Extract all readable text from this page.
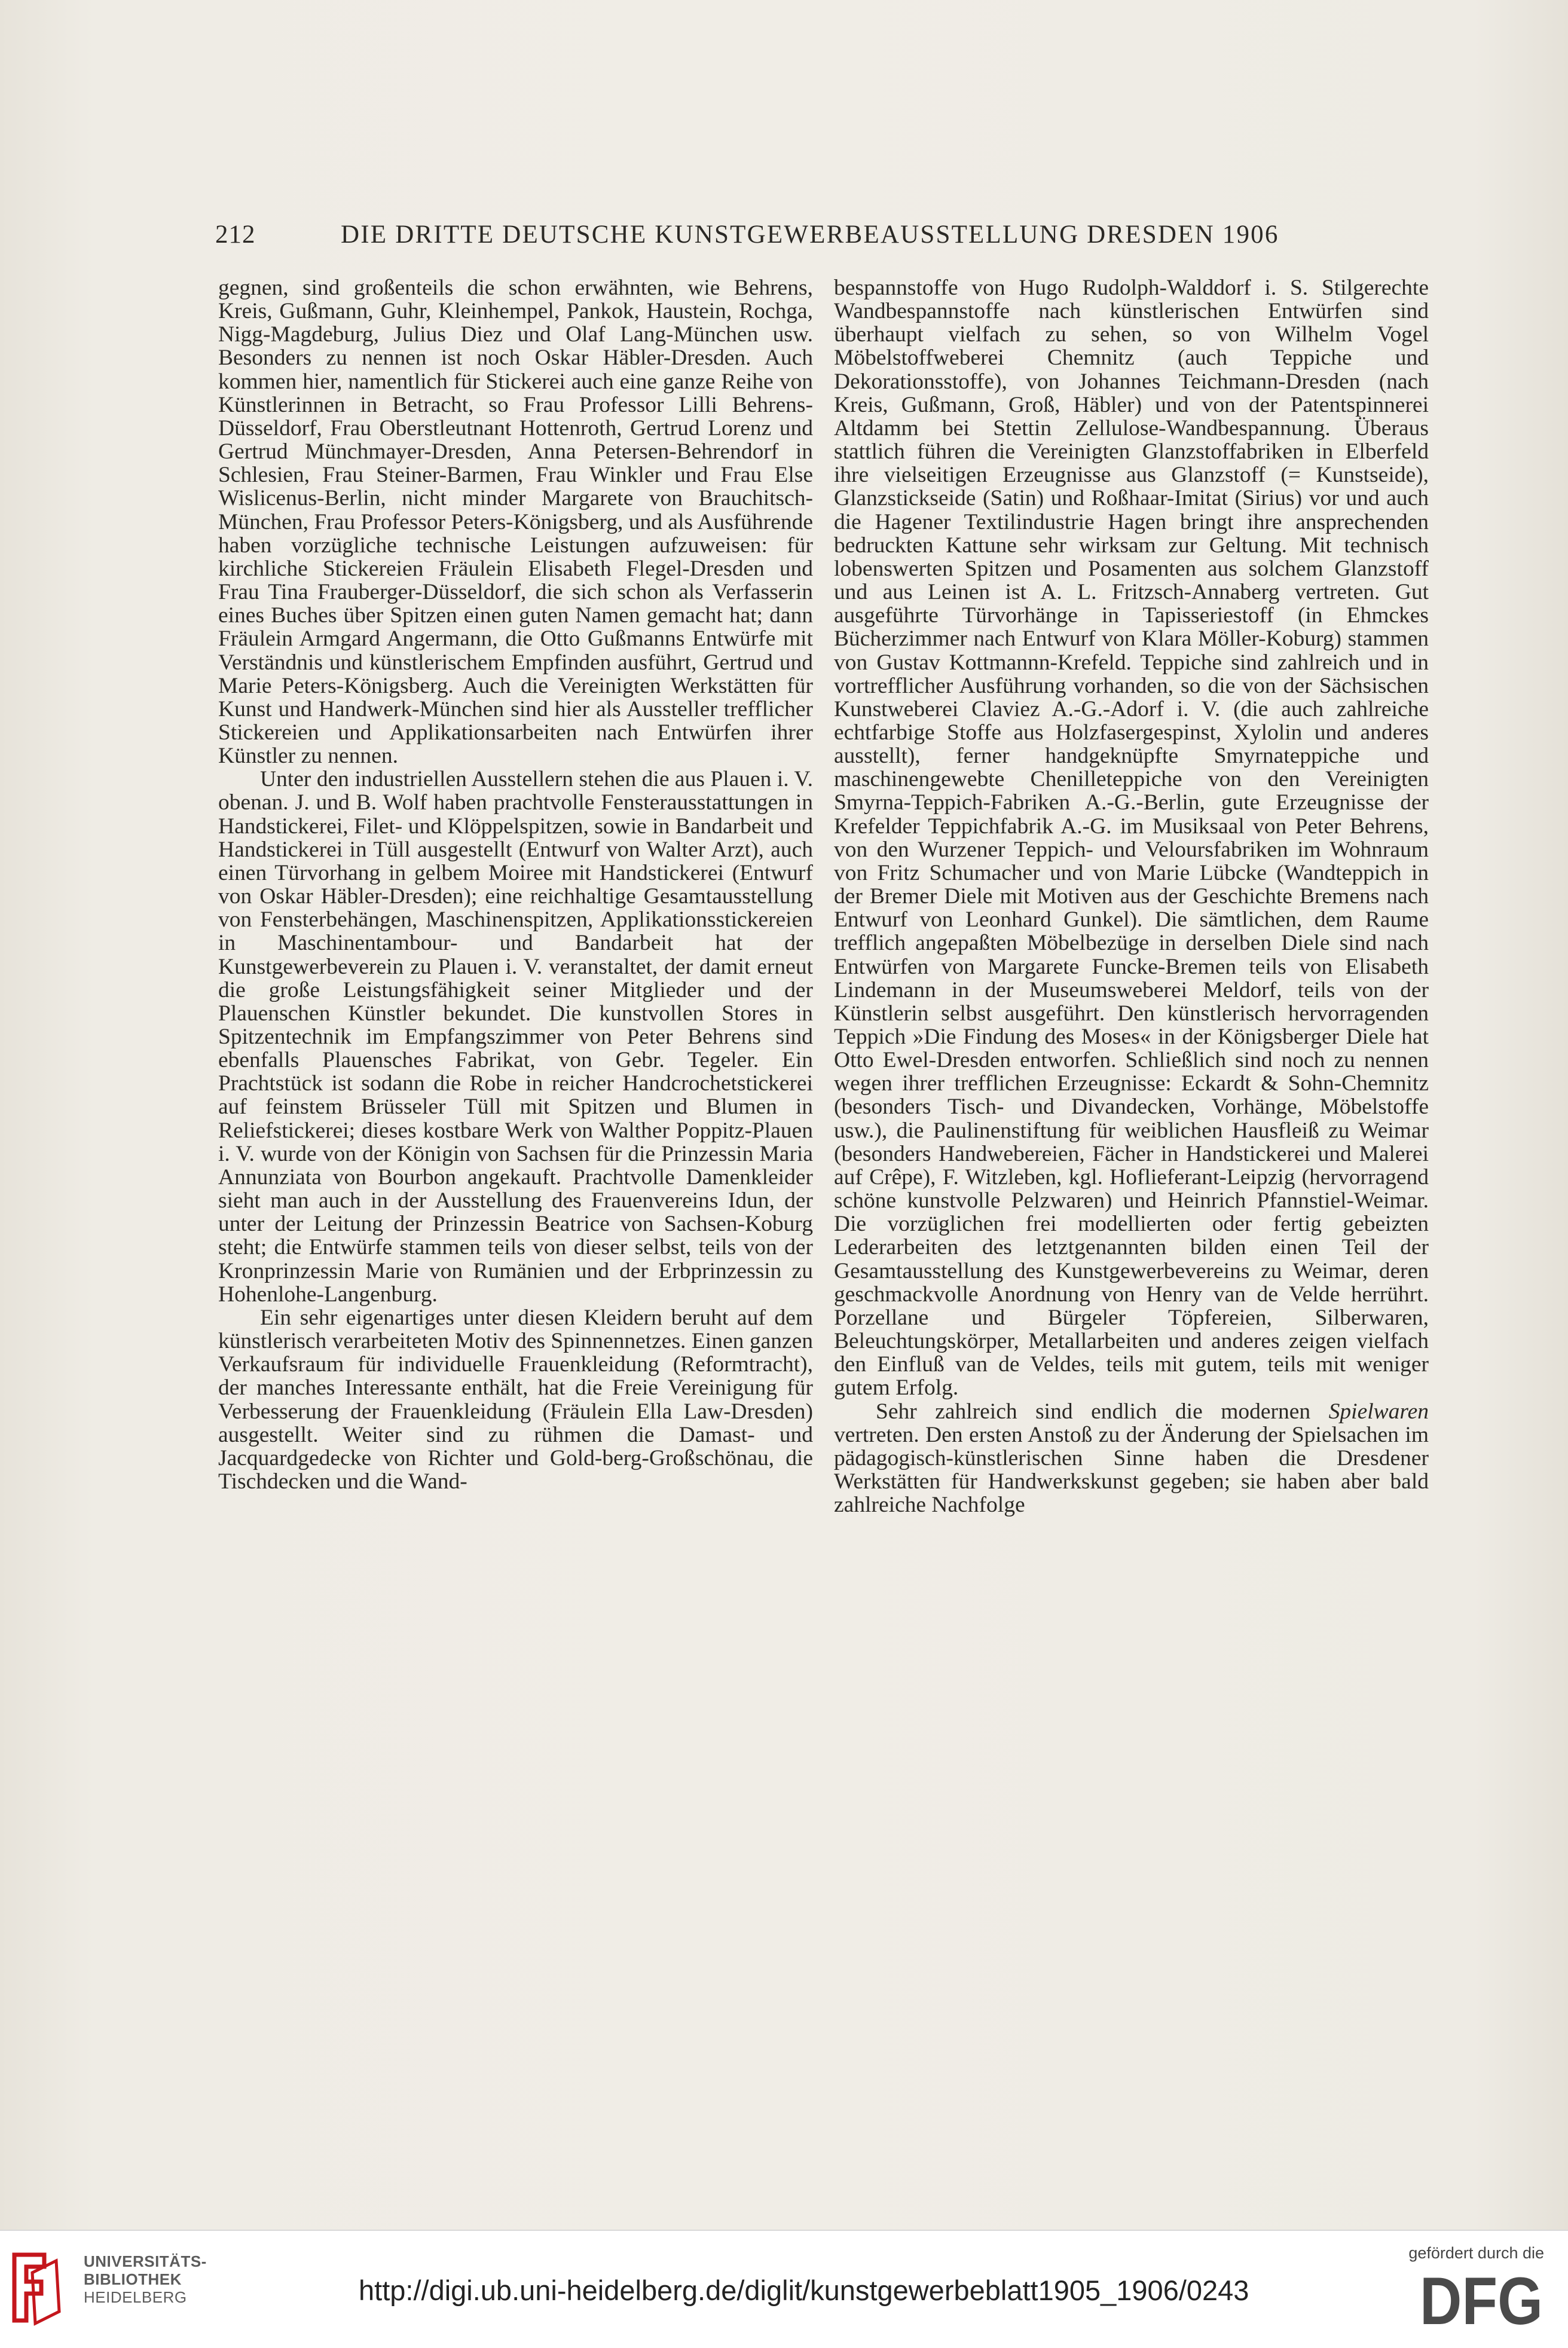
212	DIE DRITTE DEUTSCHE KUNSTGEWERBEAUSSTELLUNG DRESDEN 1906

gegnen, sind großenteils die schon erwähnten, wie Behrens, Kreis, Gußmann, Guhr, Kleinhempel, Pankok, Haustein, Rochga, Nigg-Magdeburg, Julius Diez und Olaf Lang-München usw. Besonders zu nennen ist noch Oskar Häbler-Dresden. Auch kommen hier, namentlich für Stickerei auch eine ganze Reihe von Künstlerinnen in Betracht, so Frau Professor Lilli Behrens-Düsseldorf, Frau Oberstleutnant Hottenroth, Gertrud Lorenz und Gertrud Münchmayer-Dresden, Anna Petersen-Behrendorf in Schlesien, Frau Steiner-Barmen, Frau Winkler und Frau Else Wislicenus-Berlin, nicht minder Margarete von Brauchitsch-München, Frau Professor Peters-Königsberg, und als Ausführende haben vorzügliche technische Leistungen aufzuweisen: für kirchliche Stickereien Fräulein Elisabeth Flegel-Dresden und Frau Tina Frauberger-Düsseldorf, die sich schon als Verfasserin eines Buches über Spitzen einen guten Namen gemacht hat; dann Fräulein Armgard Angermann, die Otto Gußmanns Entwürfe mit Verständnis und künstlerischem Empfinden ausführt, Gertrud und Marie Peters-Königsberg. Auch die Vereinigten Werkstätten für Kunst und Handwerk-München sind hier als Aussteller trefflicher Stickereien und Applikationsarbeiten nach Entwürfen ihrer Künstler zu nennen.

Unter den industriellen Ausstellern stehen die aus Plauen i. V. obenan. J. und B. Wolf haben prachtvolle Fensterausstattungen in Handstickerei, Filet- und Klöppelspitzen, sowie in Bandarbeit und Handstickerei in Tüll ausgestellt (Entwurf von Walter Arzt), auch einen Türvorhang in gelbem Moiree mit Handstickerei (Entwurf von Oskar Häbler-Dresden); eine reichhaltige Gesamtausstellung von Fensterbehängen, Maschinenspitzen, Applikationsstickereien in Maschinentambour- und Bandarbeit hat der Kunstgewerbeverein zu Plauen i. V. veranstaltet, der damit erneut die große Leistungsfähigkeit seiner Mitglieder und der Plauenschen Künstler bekundet. Die kunstvollen Stores in Spitzentechnik im Empfangszimmer von Peter Behrens sind ebenfalls Plauensches Fabrikat, von Gebr. Tegeler. Ein Prachtstück ist sodann die Robe in reicher Handcrochetstickerei auf feinstem Brüsseler Tüll mit Spitzen und Blumen in Reliefstickerei; dieses kostbare Werk von Walther Poppitz-Plauen i. V. wurde von der Königin von Sachsen für die Prinzessin Maria Annunziata von Bourbon angekauft. Prachtvolle Damenkleider sieht man auch in der Ausstellung des Frauenvereins Idun, der unter der Leitung der Prinzessin Beatrice von Sachsen-Koburg steht; die Entwürfe stammen teils von dieser selbst, teils von der Kronprinzessin Marie von Rumänien und der Erbprinzessin zu Hohenlohe-Langenburg.

Ein sehr eigenartiges unter diesen Kleidern beruht auf dem künstlerisch verarbeiteten Motiv des Spinnennetzes. Einen ganzen Verkaufsraum für individuelle Frauenkleidung (Reformtracht), der manches Interessante enthält, hat die Freie Vereinigung für Verbesserung der Frauenkleidung (Fräulein Ella Law-Dresden) ausgestellt. Weiter sind zu rühmen die Damast- und Jacquardgedecke von Richter und Gold-berg-Großschönau, die Tischdecken und die Wand-

bespannstoffe von Hugo Rudolph-Walddorf i. S. Stilgerechte Wandbespannstoffe nach künstlerischen Entwürfen sind überhaupt vielfach zu sehen, so von Wilhelm Vogel Möbelstoffweberei Chemnitz (auch Teppiche und Dekorationsstoffe), von Johannes Teichmann-Dresden (nach Kreis, Gußmann, Groß, Häbler) und von der Patentspinnerei Altdamm bei Stettin Zellulose-Wandbespannung. Überaus stattlich führen die Vereinigten Glanzstoffabriken in Elberfeld ihre vielseitigen Erzeugnisse aus Glanzstoff (= Kunstseide), Glanzstickseide (Satin) und Roßhaar-Imitat (Sirius) vor und auch die Hagener Textilindustrie Hagen bringt ihre ansprechenden bedruckten Kattune sehr wirksam zur Geltung. Mit technisch lobenswerten Spitzen und Posamenten aus solchem Glanzstoff und aus Leinen ist A. L. Fritzsch-Annaberg vertreten. Gut ausgeführte Türvorhänge in Tapisseriestoff (in Ehmckes Bücherzimmer nach Entwurf von Klara Möller-Koburg) stammen von Gustav Kottmannn-Krefeld. Teppiche sind zahlreich und in vortrefflicher Ausführung vorhanden, so die von der Sächsischen Kunstweberei Claviez A.-G.-Adorf i. V. (die auch zahlreiche echtfarbige Stoffe aus Holzfasergespinst, Xylolin und anderes ausstellt), ferner handgeknüpfte Smyrnateppiche und maschinengewebte Chenilleteppiche von den Vereinigten Smyrna-Teppich-Fabriken A.-G.-Berlin, gute Erzeugnisse der Krefelder Teppichfabrik A.-G. im Musiksaal von Peter Behrens, von den Wurzener Teppich- und Veloursfabriken im Wohnraum von Fritz Schumacher und von Marie Lübcke (Wandteppich in der Bremer Diele mit Motiven aus der Geschichte Bremens nach Entwurf von Leonhard Gunkel). Die sämtlichen, dem Raume trefflich angepaßten Möbelbezüge in derselben Diele sind nach Entwürfen von Margarete Funcke-Bremen teils von Elisabeth Lindemann in der Museumsweberei Meldorf, teils von der Künstlerin selbst ausgeführt. Den künstlerisch hervorragenden Teppich »Die Findung des Moses« in der Königsberger Diele hat Otto Ewel-Dresden entworfen. Schließlich sind noch zu nennen wegen ihrer trefflichen Erzeugnisse: Eckardt & Sohn-Chemnitz (besonders Tisch- und Divandecken, Vorhänge, Möbelstoffe usw.), die Paulinenstiftung für weiblichen Hausfleiß zu Weimar (besonders Handwebereien, Fächer in Handstickerei und Malerei auf Crêpe), F. Witzleben, kgl. Hoflieferant-Leipzig (hervorragend schöne kunstvolle Pelzwaren) und Heinrich Pfannstiel-Weimar. Die vorzüglichen frei modellierten oder fertig gebeizten Lederarbeiten des letztgenannten bilden einen Teil der Gesamtausstellung des Kunstgewerbevereins zu Weimar, deren geschmackvolle Anordnung von Henry van de Velde herrührt. Porzellane und Bürgeler Töpfereien, Silberwaren, Beleuchtungskörper, Metallarbeiten und anderes zeigen vielfach den Einfluß van de Veldes, teils mit gutem, teils mit weniger gutem Erfolg.

Sehr zahlreich sind endlich die modernen Spielwaren vertreten. Den ersten Anstoß zu der Änderung der Spielsachen im pädagogisch-künstlerischen Sinne haben die Dresdener Werkstätten für Handwerkskunst gegeben; sie haben aber bald zahlreiche Nachfolge

UNIVERSITÄTS-
BIBLIOTHEK
HEIDELBERG	http://digi.ub.uni-heidelberg.de/diglit/kunstgewerbeblatt1905_1906/0243
gefördert durch die
DFG
